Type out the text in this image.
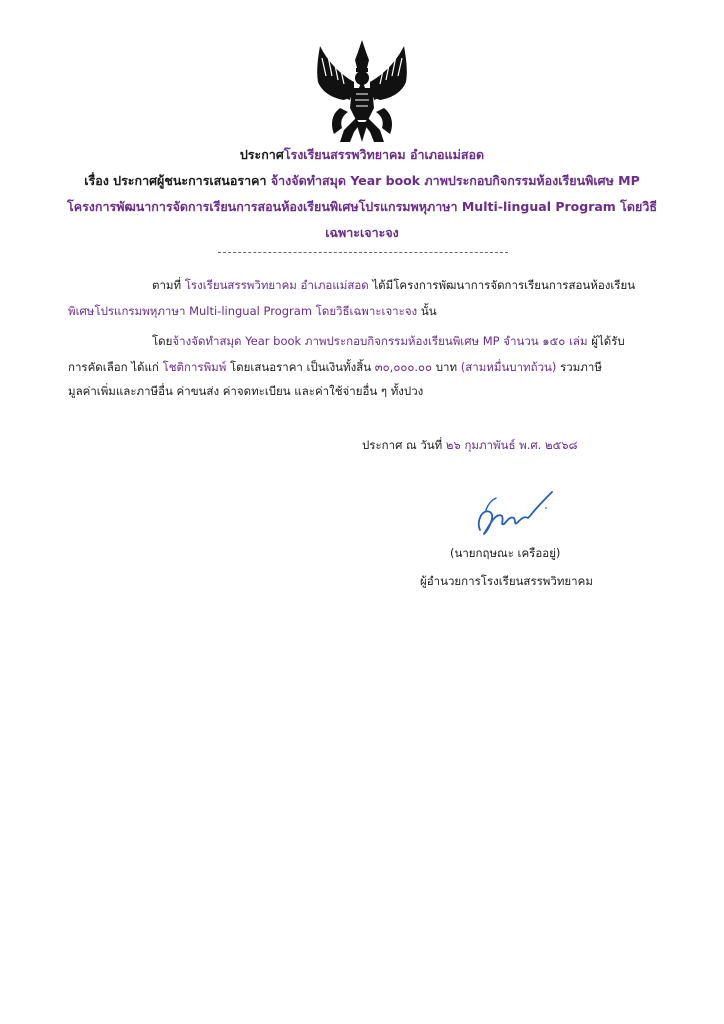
ประกาศโรงเรียนสรรพวิทยาคม อำเภอแม่สอด
เรื่อง ประกาศผู้ชนะการเสนอราคา จ้างจัดทำสมุด Year book ภาพประกอบกิจกรรมห้องเรียนพิเศษ MP
โครงการพัฒนาการจัดการเรียนการสอนห้องเรียนพิเศษโปรแกรมพหุภาษา Multi-lingual Program โดยวิธี
เฉพาะเจาะจง
ตามที่ โรงเรียนสรรพวิทยาคม อำเภอแม่สอด ได้มีโครงการพัฒนาการจัดการเรียนการสอนห้องเรียน
พิเศษโปรแกรมพหุภาษา Multi-lingual Program โดยวิธีเฉพาะเจาะจง นั้น
โดยจ้างจัดทำสมุด Year book ภาพประกอบกิจกรรมห้องเรียนพิเศษ MP จำนวน ๑๕๐ เล่ม ผู้ได้รับ
การคัดเลือก ได้แก่ โชติการพิมพ์ โดยเสนอราคา เป็นเงินทั้งสิ้น ๓๐,๐๐๐.๐๐ บาท (สามหมื่นบาทถ้วน) รวมภาษี
มูลค่าเพิ่มและภาษีอื่น ค่าขนส่ง ค่าจดทะเบียน และค่าใช้จ่ายอื่น ๆ ทั้งปวง
ประกาศ ณ วันที่ ๒๖ กุมภาพันธ์ พ.ศ. ๒๕๖๘
(นายกฤษณะ เครืออยู่)
ผู้อำนวยการโรงเรียนสรรพวิทยาคม
